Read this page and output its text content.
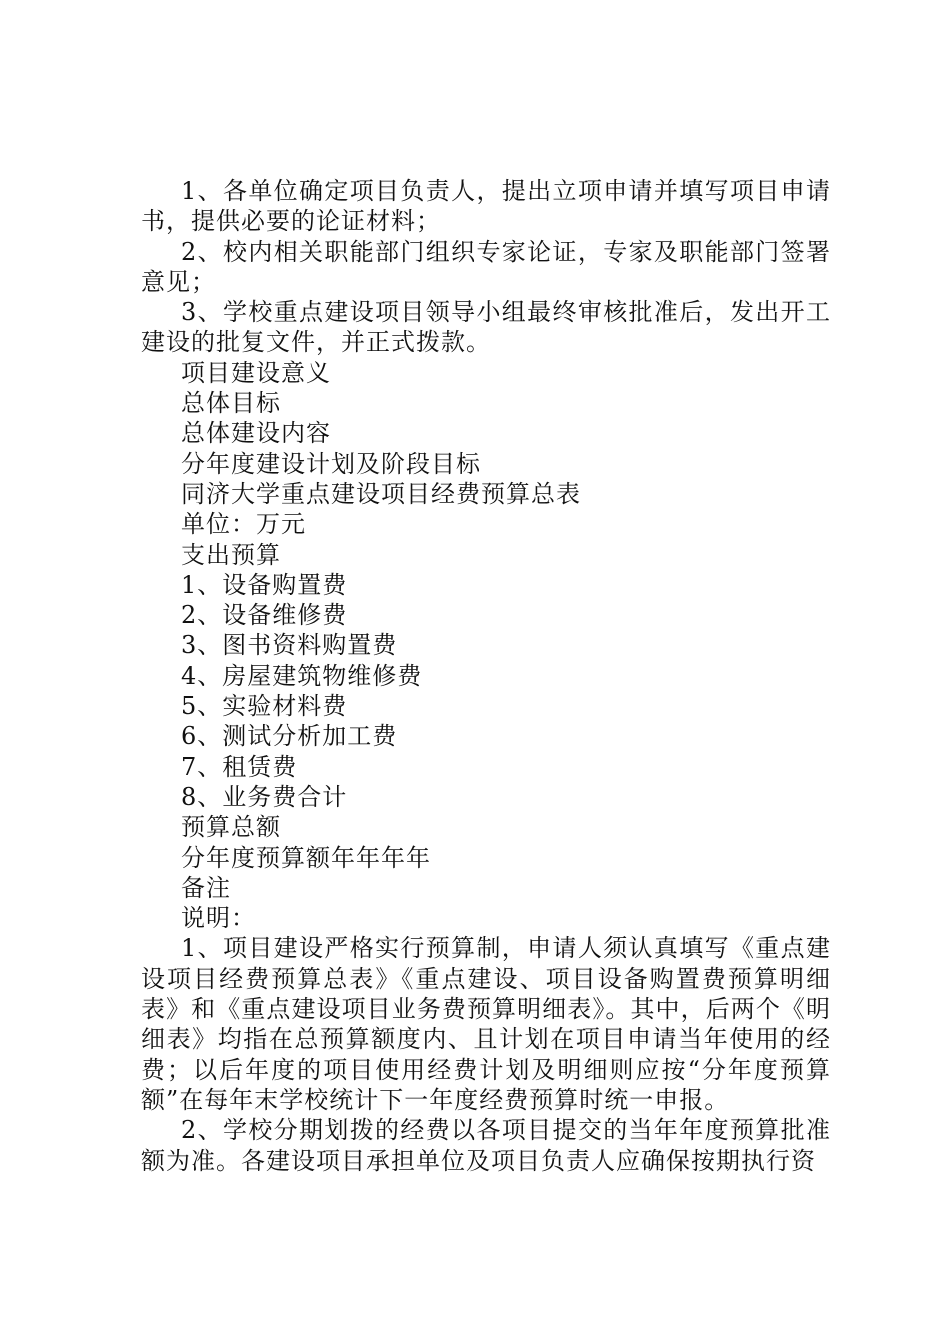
1、各单位确定项目负责人，提出立项申请并填写项目申请书，提供必要的论证材料；

2、校内相关职能部门组织专家论证，专家及职能部门签署意见；

3、学校重点建设项目领导小组最终审核批准后，发出开工建设的批复文件，并正式拨款。

项目建设意义

总体目标

总体建设内容

分年度建设计划及阶段目标

同济大学重点建设项目经费预算总表

单位：万元

支出预算

1、设备购置费

2、设备维修费

3、图书资料购置费

4、房屋建筑物维修费

5、实验材料费

6、测试分析加工费

7、租赁费

8、业务费合计

预算总额

分年度预算额年年年年

备注

说明：

1、项目建设严格实行预算制，申请人须认真填写《重点建设项目经费预算总表》《重点建设、项目设备购置费预算明细表》和《重点建设项目业务费预算明细表》。其中，后两个《明细表》均指在总预算额度内、且计划在项目申请当年使用的经费；以后年度的项目使用经费计划及明细则应按“分年度预算额”在每年末学校统计下一年度经费预算时统一申报。

2、学校分期划拨的经费以各项目提交的当年年度预算批准额为准。各建设项目承担单位及项目负责人应确保按期执行资
